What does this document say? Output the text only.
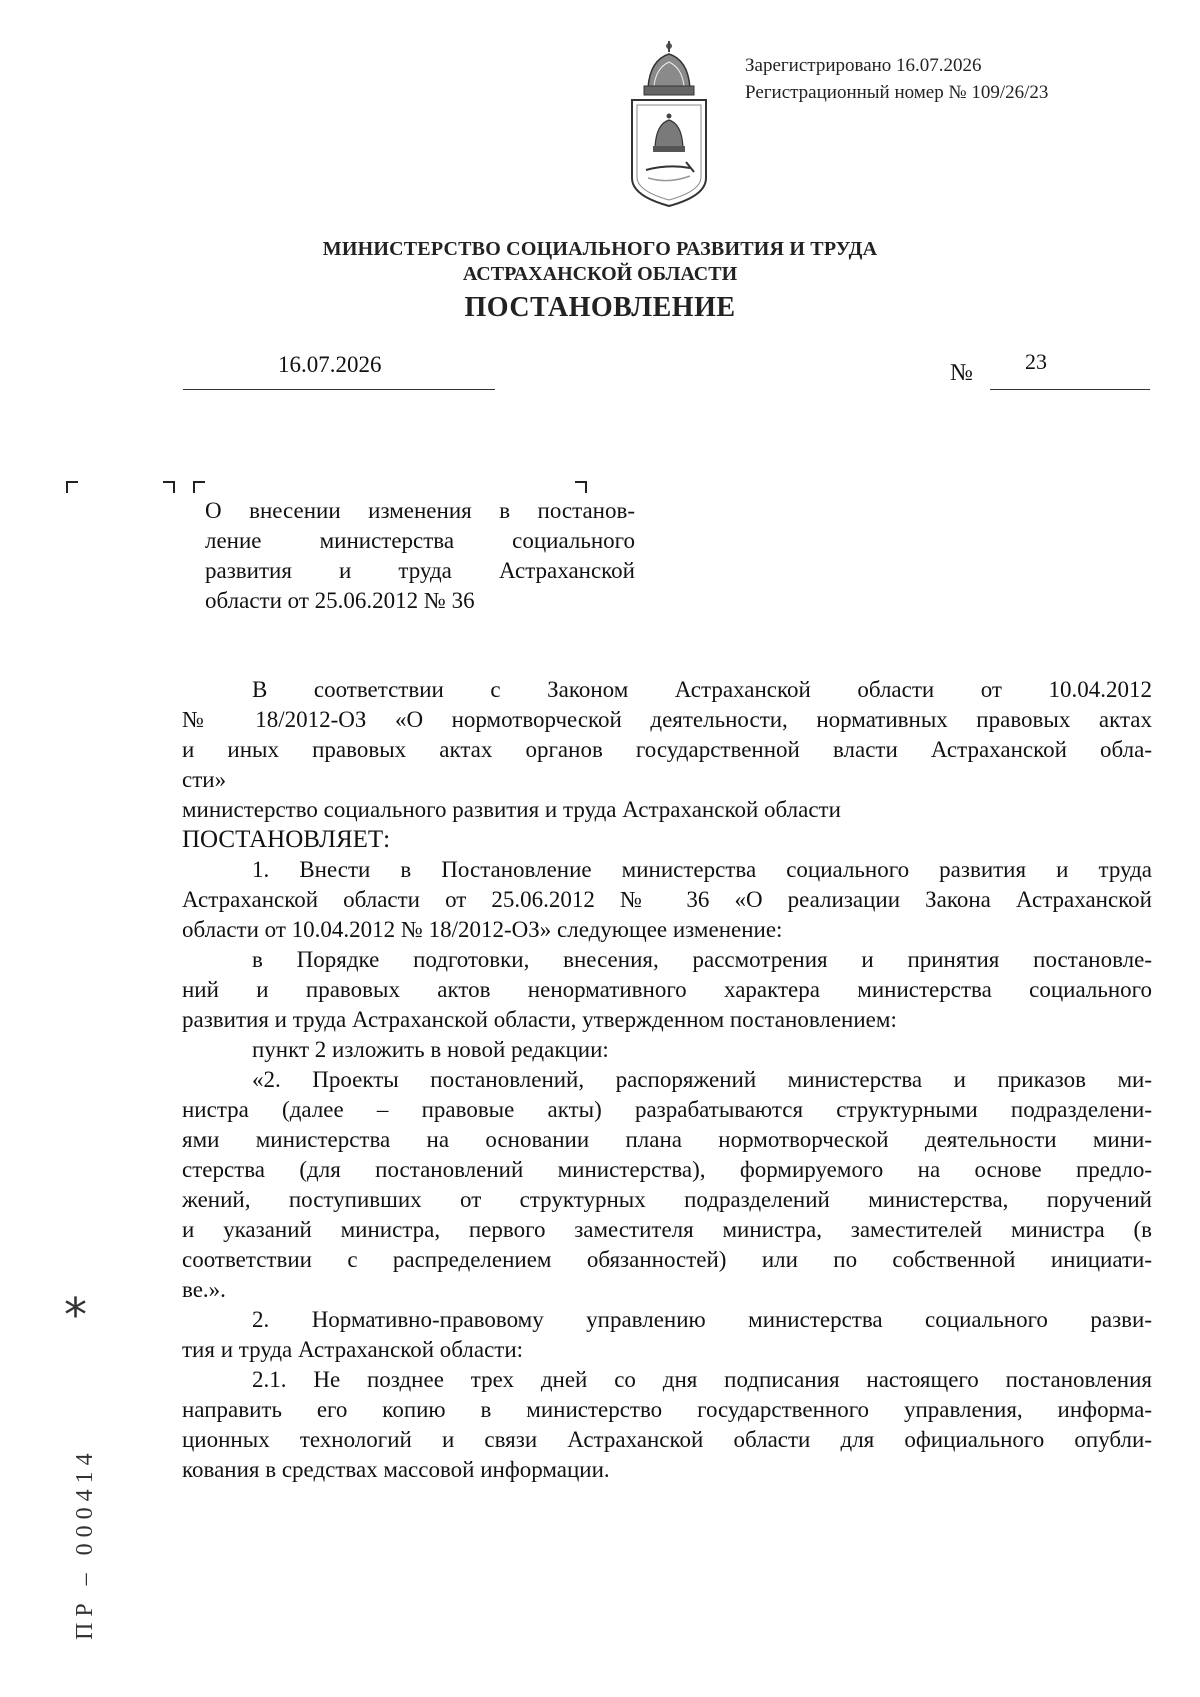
Зарегистрировано 16.07.2026
Регистрационный номер № 109/26/23
МИНИСТЕРСТВО СОЦИАЛЬНОГО РАЗВИТИЯ И ТРУДА
АСТРАХАНСКОЙ ОБЛАСТИ
ПОСТАНОВЛЕНИЕ
16.07.2026	№ 23
О внесении изменения в постанов-
ление министерства социального
развития и труда Астраханской
области от 25.06.2012 № 36
В соответствии с Законом Астраханской области от 10.04.2012
№ 18/2012-ОЗ «О нормотворческой деятельности, нормативных правовых актах
и иных правовых актах органов государственной власти Астраханской обла-
сти»
министерство социального развития и труда Астраханской области
ПОСТАНОВЛЯЕТ:
1. Внести в Постановление министерства социального развития и труда
Астраханской области от 25.06.2012 № 36 «О реализации Закона Астраханской
области от 10.04.2012 № 18/2012-ОЗ» следующее изменение:
в Порядке подготовки, внесения, рассмотрения и принятия постановле-
ний и правовых актов ненормативного характера министерства социального
развития и труда Астраханской области, утвержденном постановлением:
пункт 2 изложить в новой редакции:
«2. Проекты постановлений, распоряжений министерства и приказов ми-
нистра (далее – правовые акты) разрабатываются структурными подразделени-
ями министерства на основании плана нормотворческой деятельности мини-
стерства (для постановлений министерства), формируемого на основе предло-
жений, поступивших от структурных подразделений министерства, поручений
и указаний министра, первого заместителя министра, заместителей министра (в
соответствии с распределением обязанностей) или по собственной инициати-
ве.».
2. Нормативно-правовому управлению министерства социального разви-
тия и труда Астраханской области:
2.1. Не позднее трех дней со дня подписания настоящего постановления
направить его копию в министерство государственного управления, информа-
ционных технологий и связи Астраханской области для официального опубли-
кования в средствах массовой информации.
*
ПР – 000414
